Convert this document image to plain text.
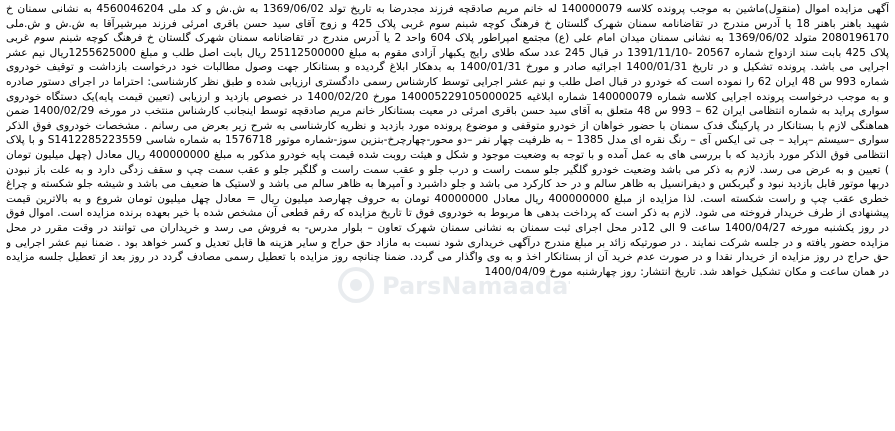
آگهی مزایده اموال (منقول)ماشین به موجب پرونده کلاسه 140000079 له خانم مریم صادقچه فرزند مجدرضا به تاریخ تولد 1369/06/02 به ش.ش و کد ملی 4560046204 به نشانی سمنان خ شهید باهنر باهنر 18 یا آدرس مندرج در تقاضانامه سمنان شهرک گلستان خ فرهنگ کوچه شبنم سوم غربی پلاک 425 و زوج آقای سید حسن باقری امرئی فرزند میرشیرآقا به ش.ش و ش.ملی 2080196170 متولد 1369/06/02 به نشانی سمنان میدان امام علی (ع) مجتمع امپراطور پلاک 604 واحد 2 یا آدرس مندرج در تقاضانامه سمنان شهرک گلستان خ فرهنگ کوچه شبنم سوم غربی پلاک 425 بابت سند ازدواج شماره 20567 -1391/11/10 در قبال 245 عدد سکه طلای رایج یکبهار آزادی مقوم به مبلغ 25112500000 ریال بابت اصل طلب و مبلغ 1255625000ریال نیم عشر اجرایی می باشد. پرونده تشکیل و در تاریخ 1400/01/31 اجرائیه صادر و مورخ 1400/01/31 به بدهکار ابلاغ گردیده و بستانکار جهت وصول مطالبات خود درخواست بازداشت و توقیف خودروی شماره 993 س 48 ایران 62 را نموده است که خودرو در قبال اصل طلب و نیم عشر اجرایی توسط کارشناس رسمی دادگستری ارزیابی شده و طبق نظر کارشناسی: احتراما در اجرای دستور صادره و به موجب درخواست پرونده اجرایی کلاسه شماره 140000079 شماره ابلاغیه 140005229105000025 مورخ 1400/02/20 در خصوص بازدید و ارزیابی (تعیین قیمت پایه)یک دستگاه خودروی سواری پراید به شماره انتظامی ایران 62 – 993 س 48 متعلق به آقای سید حسن باقری امرئی در معیت بستانکار خانم مریم صادقچه توسط اینجانب کارشناس منتخب در مورخه 1400/02/29 ضمن هماهنگی لازم با بستانکار در پارکینگ فدک سمنان با حضور خواهان از خودرو متوقفی و موضوع پرونده مورد بازدید و نظریه کارشناسی به شرح زیر بعرض می رسانم . مشخصات خودروی فوق الذکر سواری –سیستم –پراید – جی تی ایکس آی – رنگ نقره ای مدل 1385 – به ظرفیت چهار نفر –دو محور-چهارچرخ-بنزین سوز-شماره موتور 1576718 به شماره شاسی S1412285223559 و با پلاک انتظامی فوق الذکر مورد بازدید که با بررسی های به عمل آمده و با توجه به وضعیت موجود و شکل و هیئت روبت شده قیمت پایه خودرو مذکور به مبلغ 400000000 ریال معادل (چهل میلیون تومان ) تعیین و به عرض می رسد. لازم به ذکر می باشد وضعیت خودرو گلگیر جلو سمت راست و درب جلو و عقب سمت راست و گلگیر جلو و عقب سمت چپ و سقف زدگی دارد و به علت باز نبودن دربها موتور قابل بازدید نبود و گیربکس و دیفرانسیل به ظاهر سالم و در حد کارکرد می باشد و جلو داشبرد و آمپرها به ظاهر سالم می باشد و لاستیک ها ضعیف می باشد و شیشه جلو شکسته و چراغ خطری عقب چپ و راست شکسته است. لذا مزایده از مبلغ 400000000 ریال معادل 40000000 تومان به حروف چهارصد میلیون ریال = معادل چهل میلیون تومان شروع و به بالاترین قیمت پیشنهادی از طرف خریدار فروخته می شود. لازم به ذکر است که پرداخت بدهی ها مربوط به خودروی فوق تا تاریخ مزایده که رقم قطعی آن مشخص شده با خیر بعهده برنده مزایده است. اموال فوق در روز یکشنبه مورخه 1400/04/27 ساعت 9 الی 12در محل اجرای ثبت سمنان به نشانی سمنان شهرک تعاون – بلوار مدرس- به فروش می رسد و خریداران می توانند در وقت مقرر در محل مزایده حضور یافته و در جلسه شرکت نمایند . در صورتیکه زائد بر مبلغ مندرج درآگهی خریداری شود نسبت به مازاد حق حراج و سایر هزینه ها قابل تعدیل و کسر خواهد بود . ضمنا نیم عشر اجرایی و حق حراج در روز مزایده از خریدار نقدا و در صورت عدم خرید آن از بستانکار اخذ و به وی واگذار می گردد. ضمنا چنانچه روز مزایده با تعطیل رسمی مصادف گردد در روز بعد از تعطیل جلسه مزایده در همان ساعت و مکان تشکیل خواهد شد. تاریخ انتشار: روز چهارشنبه مورخ 1400/04/09

ParsNamaada
